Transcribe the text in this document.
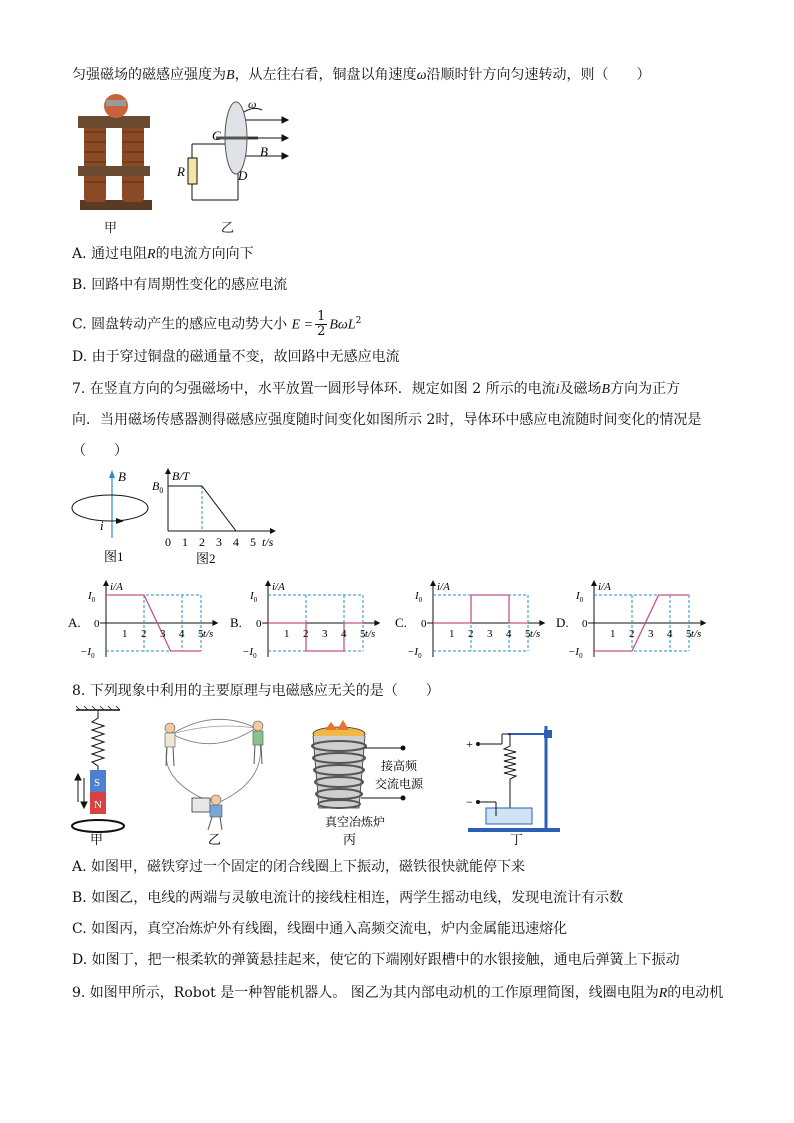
匀强磁场的磁感应强度为B，从左往右看，铜盘以角速度ω沿顺时针方向匀速转动，则（　　）
甲
ω
C
B
R	D
乙
A. 通过电阻R的电流方向向下
B. 回路中有周期性变化的感应电流
C. 圆盘转动产生的感应电动势大小 $E = \frac{1}{2} B\omega L^2$
D. 由于穿过铜盘的磁通量不变，故回路中无感应电流
7. 在竖直方向的匀强磁场中，水平放置一圆形导体环．规定如图 2 所示的电流i及磁场B方向为正方
向．当用磁场传感器测得磁感应强度随时间变化如图所示 2时，导体环中感应电流随时间变化的情况是
（　　）
B
i
图1
B/T
$B_0$
0 1 2 3 4 5 t/s
图2
A.
i/A
$I_0$
0
$-I_0$
1 2 3 4 5 t/s
B.
i/A
$I_0$
0
$-I_0$
1 2 3 4 5 t/s
C.
i/A
$I_0$
0
$-I_0$
1 2 3 4 5 t/s
D.
i/A
$I_0$
0
$-I_0$
1 2 3 4 5 t/s
8. 下列现象中利用的主要原理与电磁感应无关的是（　　）
S
N
甲	乙
接高频
交流电源
真空冶炼炉
丙
+
−
丁
A. 如图甲，磁铁穿过一个固定的闭合线圈上下振动，磁铁很快就能停下来
B. 如图乙，电线的两端与灵敏电流计的接线柱相连，两学生摇动电线，发现电流计有示数
C. 如图丙，真空冶炼炉外有线圈，线圈中通入高频交流电，炉内金属能迅速熔化
D. 如图丁，把一根柔软的弹簧悬挂起来，使它的下端刚好跟槽中的水银接触，通电后弹簧上下振动
9. 如图甲所示，Robot 是一种智能机器人。 图乙为其内部电动机的工作原理简图，线圈电阻为R的电动机
